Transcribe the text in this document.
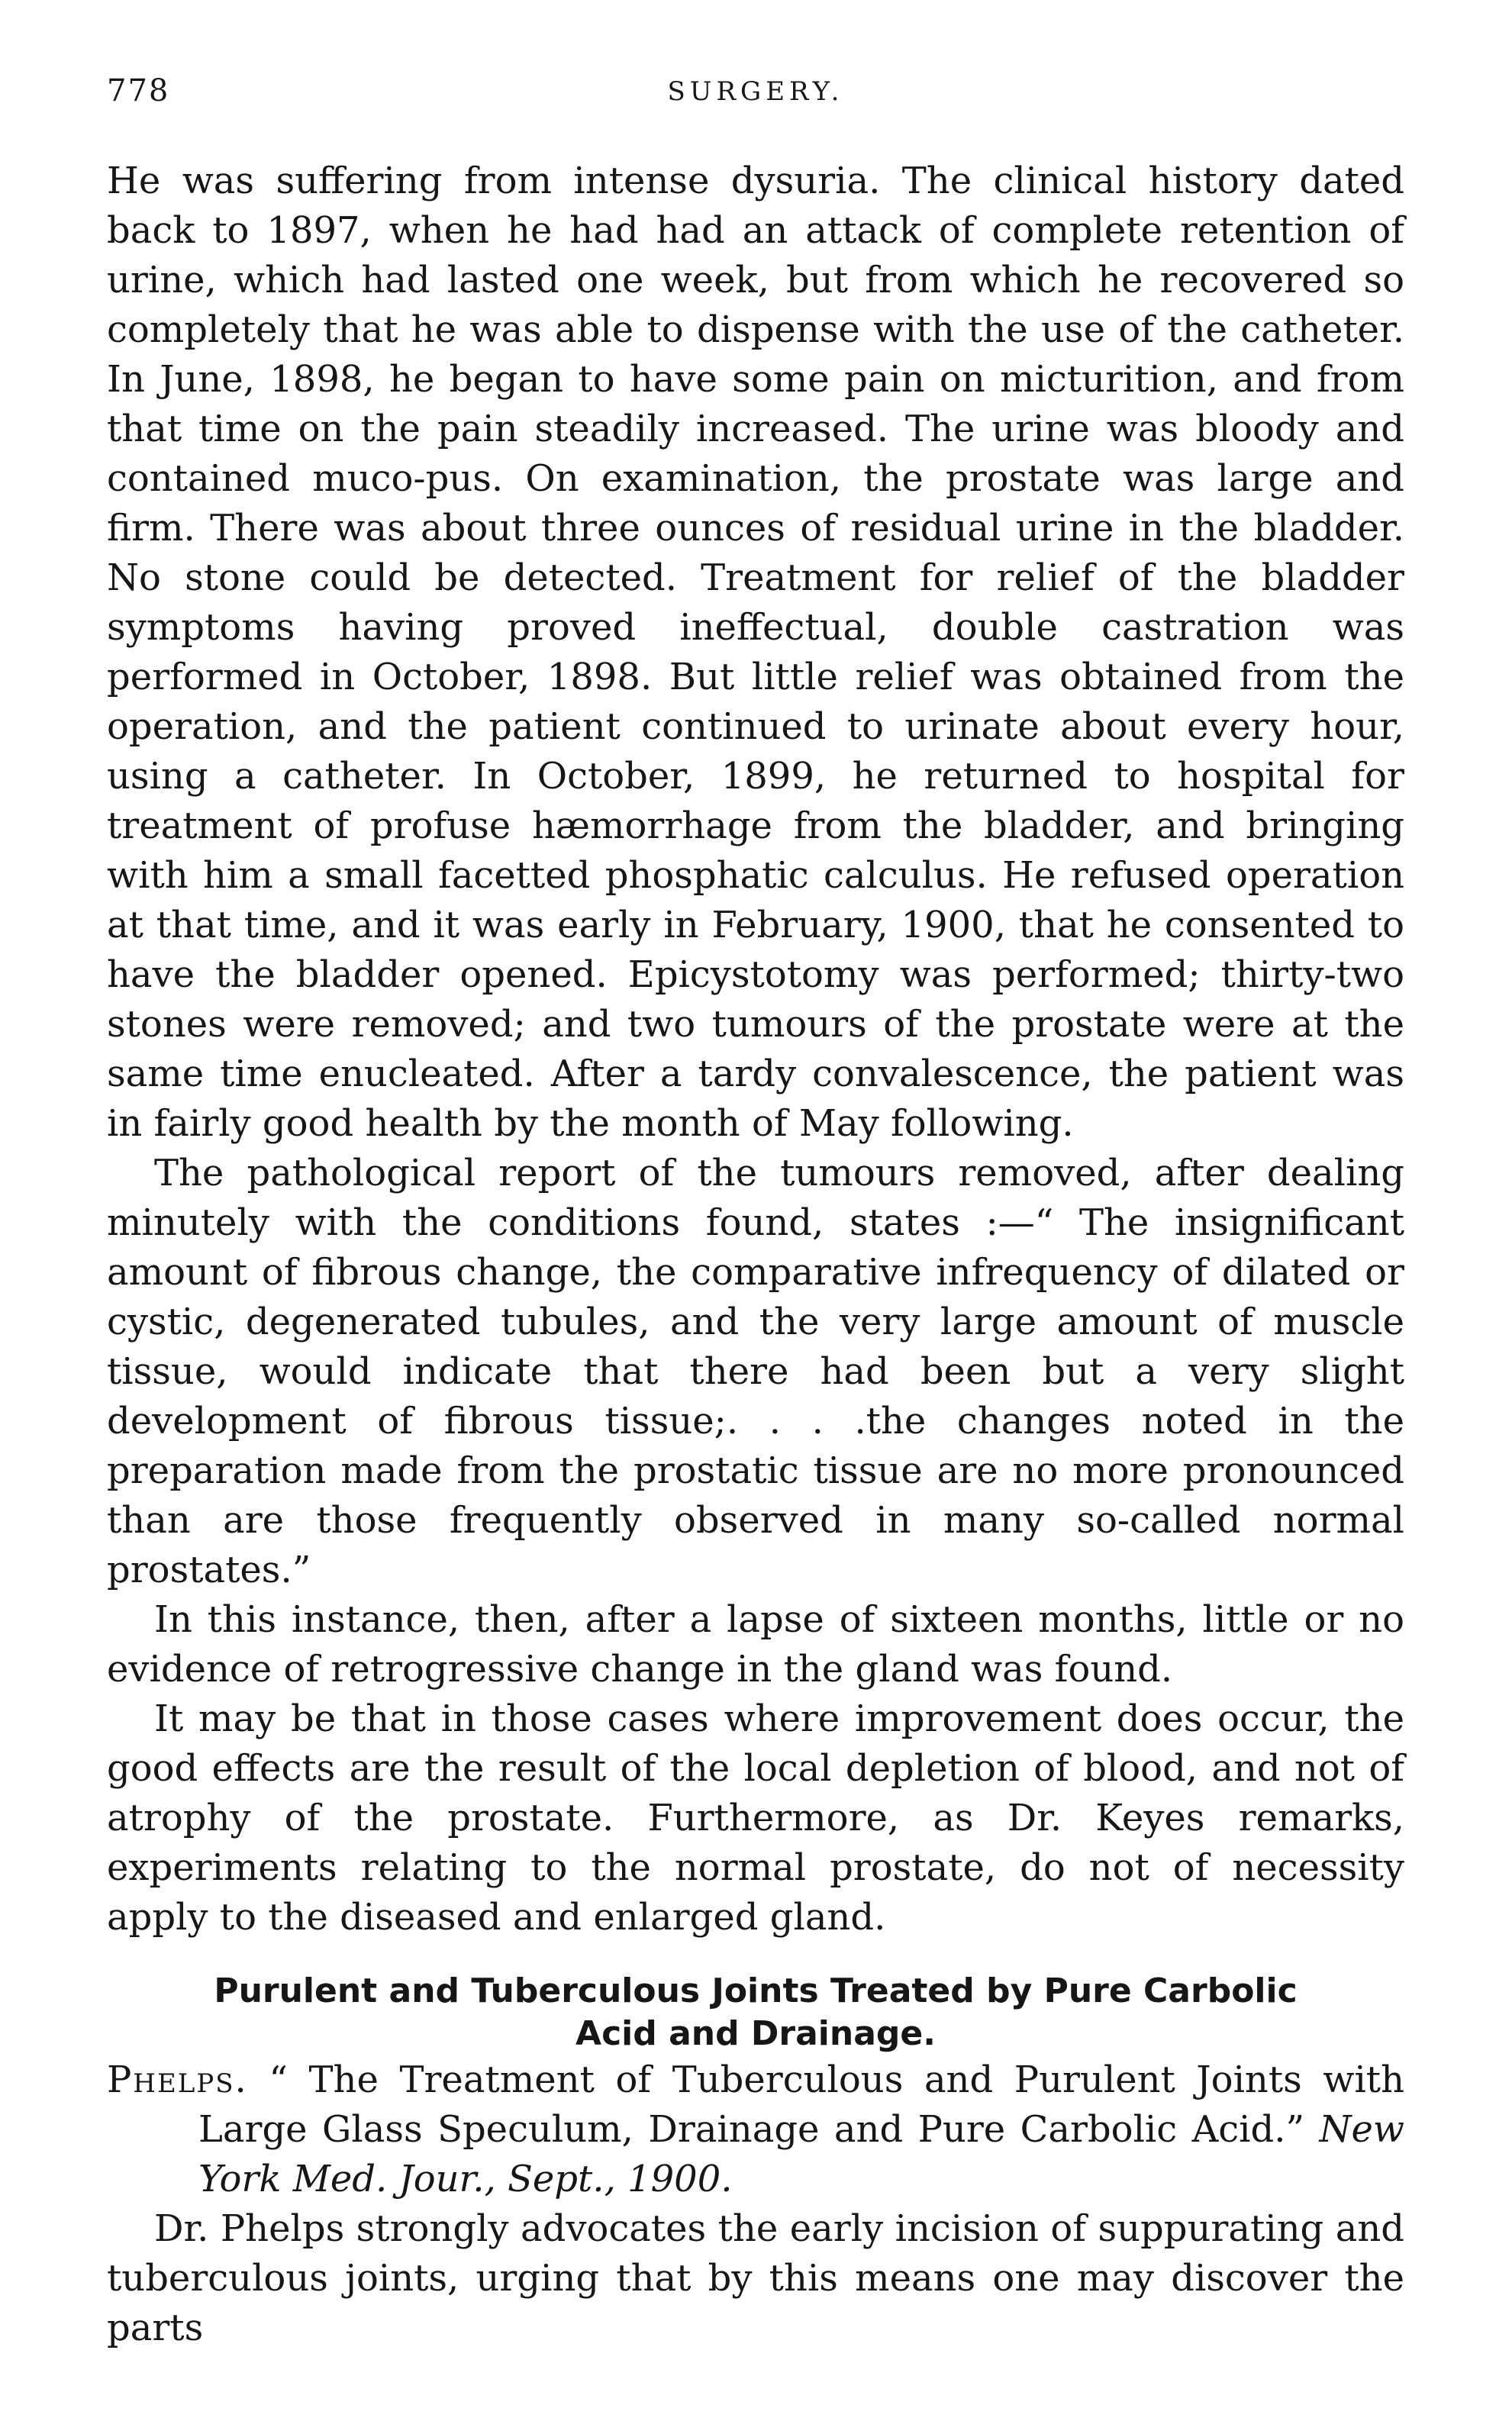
778	SURGERY.

He was suffering from intense dysuria. The clinical history dated back to 1897, when he had had an attack of complete retention of urine, which had lasted one week, but from which he recovered so completely that he was able to dispense with the use of the catheter. In June, 1898, he began to have some pain on micturition, and from that time on the pain steadily increased. The urine was bloody and contained muco-pus. On examination, the prostate was large and firm. There was about three ounces of residual urine in the bladder. No stone could be detected. Treatment for relief of the bladder symptoms having proved ineffectual, double castration was performed in October, 1898. But little relief was obtained from the operation, and the patient continued to urinate about every hour, using a catheter. In October, 1899, he returned to hospital for treatment of profuse hæmorrhage from the bladder, and bringing with him a small facetted phosphatic calculus. He refused operation at that time, and it was early in February, 1900, that he consented to have the bladder opened. Epicystotomy was performed; thirty-two stones were removed; and two tumours of the prostate were at the same time enucleated. After a tardy convalescence, the patient was in fairly good health by the month of May following.

The pathological report of the tumours removed, after dealing minutely with the conditions found, states :—“ The insignificant amount of fibrous change, the comparative infrequency of dilated or cystic, degenerated tubules, and the very large amount of muscle tissue, would indicate that there had been but a very slight development of fibrous tissue;. . . .the changes noted in the preparation made from the prostatic tissue are no more pronounced than are those frequently observed in many so-called normal prostates.”

In this instance, then, after a lapse of sixteen months, little or no evidence of retrogressive change in the gland was found.

It may be that in those cases where improvement does occur, the good effects are the result of the local depletion of blood, and not of atrophy of the prostate. Furthermore, as Dr. Keyes remarks, experiments relating to the normal prostate, do not of necessity apply to the diseased and enlarged gland.

Purulent and Tuberculous Joints Treated by Pure Carbolic
Acid and Drainage.

Phelps. “ The Treatment of Tuberculous and Purulent Joints with Large Glass Speculum, Drainage and Pure Carbolic Acid.” New York Med. Jour., Sept., 1900.

Dr. Phelps strongly advocates the early incision of suppurating and tuberculous joints, urging that by this means one may discover the parts
